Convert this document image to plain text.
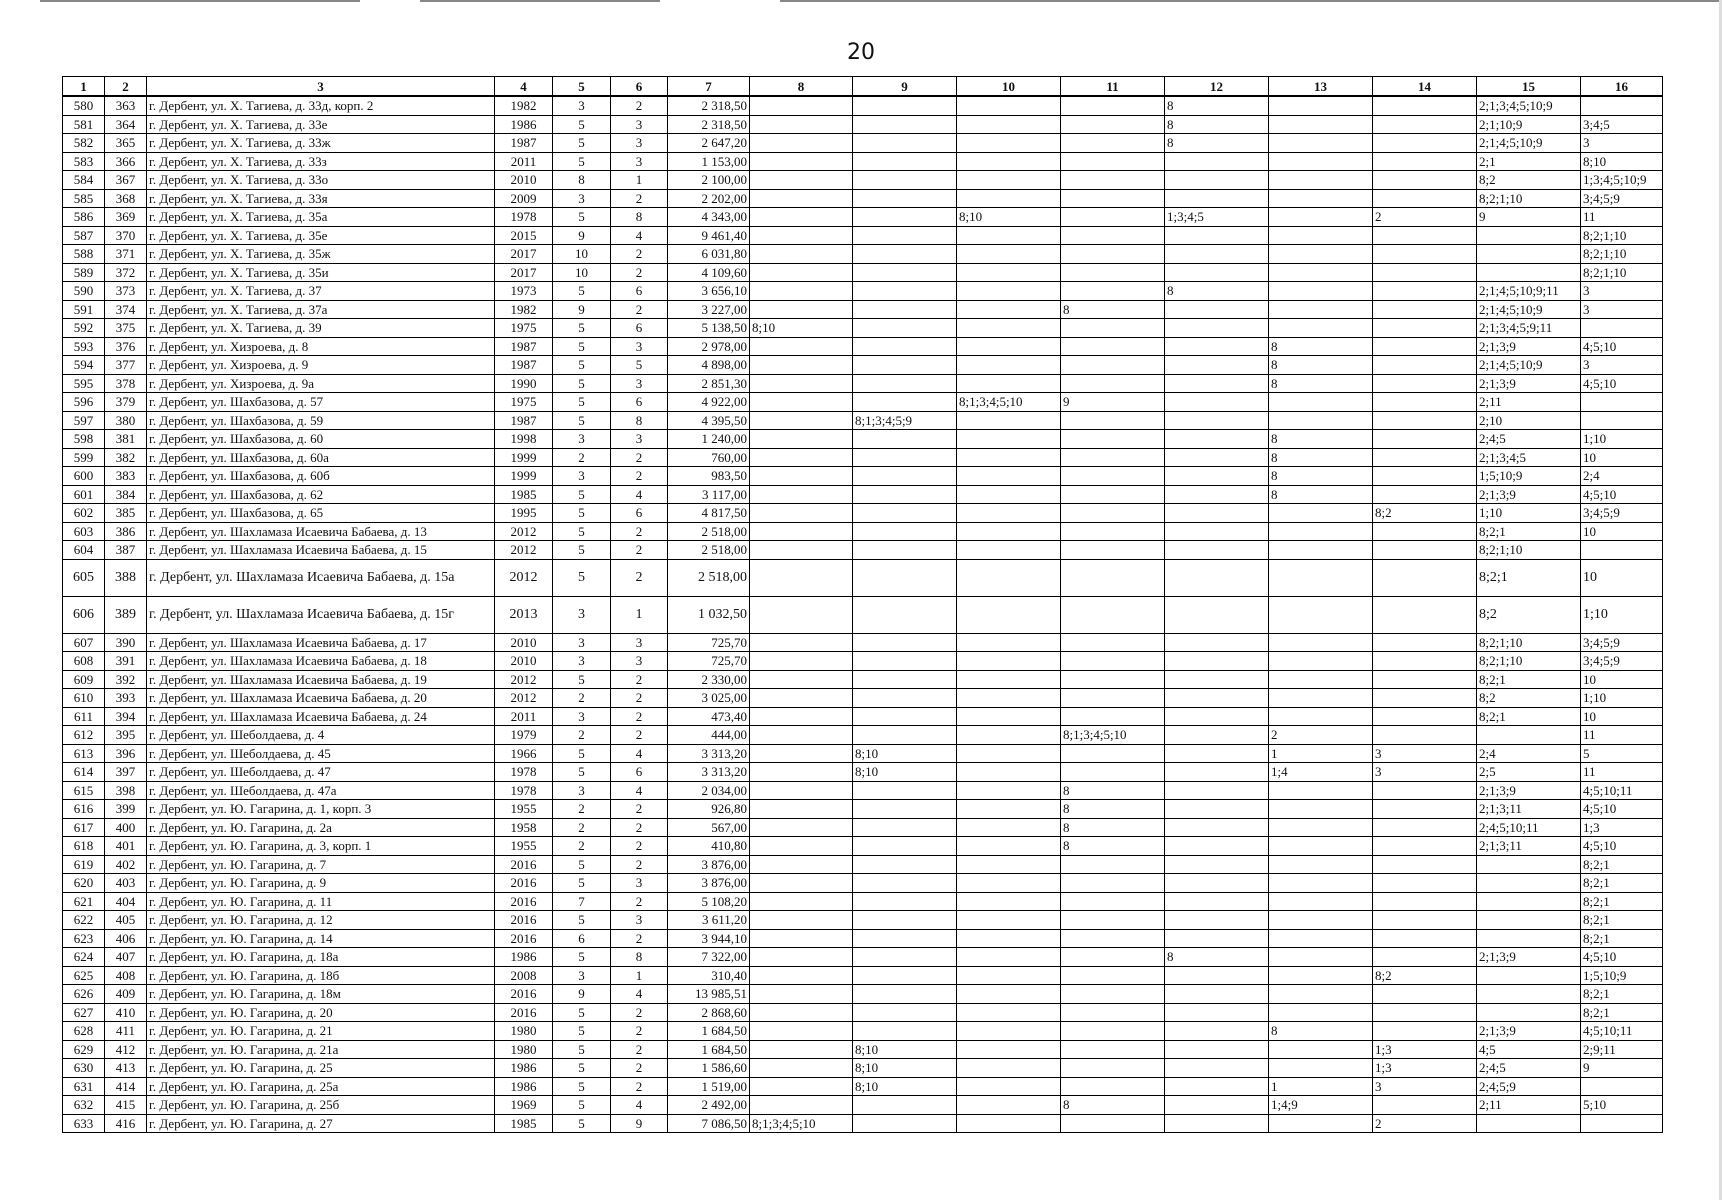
20
1	2	3	4	5	6	7	8	9	10	11	12	13	14	15	16
580	363	г. Дербент, ул. Х. Тагиева, д. 33д, корп. 2	1982	3	2	2 318,50					8			2;1;3;4;5;10;9	
581	364	г. Дербент, ул. Х. Тагиева, д. 33е	1986	5	3	2 318,50					8			2;1;10;9	3;4;5
582	365	г. Дербент, ул. Х. Тагиева, д. 33ж	1987	5	3	2 647,20					8			2;1;4;5;10;9	3
583	366	г. Дербент, ул. Х. Тагиева, д. 33з	2011	5	3	1 153,00								2;1	8;10
584	367	г. Дербент, ул. Х. Тагиева, д. 33о	2010	8	1	2 100,00								8;2	1;3;4;5;10;9
585	368	г. Дербент, ул. Х. Тагиева, д. 33я	2009	3	2	2 202,00								8;2;1;10	3;4;5;9
586	369	г. Дербент, ул. Х. Тагиева, д. 35а	1978	5	8	4 343,00			8;10		1;3;4;5		2	9	11
587	370	г. Дербент, ул. Х. Тагиева, д. 35е	2015	9	4	9 461,40									8;2;1;10
588	371	г. Дербент, ул. Х. Тагиева, д. 35ж	2017	10	2	6 031,80									8;2;1;10
589	372	г. Дербент, ул. Х. Тагиева, д. 35и	2017	10	2	4 109,60									8;2;1;10
590	373	г. Дербент, ул. Х. Тагиева, д. 37	1973	5	6	3 656,10					8			2;1;4;5;10;9;11	3
591	374	г. Дербент, ул. Х. Тагиева, д. 37а	1982	9	2	3 227,00				8				2;1;4;5;10;9	3
592	375	г. Дербент, ул. Х. Тагиева, д. 39	1975	5	6	5 138,50	8;10							2;1;3;4;5;9;11	
593	376	г. Дербент, ул. Хизроева, д. 8	1987	5	3	2 978,00						8		2;1;3;9	4;5;10
594	377	г. Дербент, ул. Хизроева, д. 9	1987	5	5	4 898,00						8		2;1;4;5;10;9	3
595	378	г. Дербент, ул. Хизроева, д. 9а	1990	5	3	2 851,30						8		2;1;3;9	4;5;10
596	379	г. Дербент, ул. Шахбазова, д. 57	1975	5	6	4 922,00			8;1;3;4;5;10	9				2;11	
597	380	г. Дербент, ул. Шахбазова, д. 59	1987	5	8	4 395,50		8;1;3;4;5;9						2;10	
598	381	г. Дербент, ул. Шахбазова, д. 60	1998	3	3	1 240,00						8		2;4;5	1;10
599	382	г. Дербент, ул. Шахбазова, д. 60а	1999	2	2	760,00						8		2;1;3;4;5	10
600	383	г. Дербент, ул. Шахбазова, д. 60б	1999	3	2	983,50						8		1;5;10;9	2;4
601	384	г. Дербент, ул. Шахбазова, д. 62	1985	5	4	3 117,00						8		2;1;3;9	4;5;10
602	385	г. Дербент, ул. Шахбазова, д. 65	1995	5	6	4 817,50							8;2	1;10	3;4;5;9
603	386	г. Дербент, ул. Шахламаза Исаевича Бабаева, д. 13	2012	5	2	2 518,00								8;2;1	10
604	387	г. Дербент, ул. Шахламаза Исаевича Бабаева, д. 15	2012	5	2	2 518,00								8;2;1;10	
605	388	г. Дербент, ул. Шахламаза Исаевича Бабаева, д. 15а	2012	5	2	2 518,00								8;2;1	10
606	389	г. Дербент, ул. Шахламаза Исаевича Бабаева, д. 15г	2013	3	1	1 032,50								8;2	1;10
607	390	г. Дербент, ул. Шахламаза Исаевича Бабаева, д. 17	2010	3	3	725,70								8;2;1;10	3;4;5;9
608	391	г. Дербент, ул. Шахламаза Исаевича Бабаева, д. 18	2010	3	3	725,70								8;2;1;10	3;4;5;9
609	392	г. Дербент, ул. Шахламаза Исаевича Бабаева, д. 19	2012	5	2	2 330,00								8;2;1	10
610	393	г. Дербент, ул. Шахламаза Исаевича Бабаева, д. 20	2012	2	2	3 025,00								8;2	1;10
611	394	г. Дербент, ул. Шахламаза Исаевича Бабаева, д. 24	2011	3	2	473,40								8;2;1	10
612	395	г. Дербент, ул. Шеболдаева, д. 4	1979	2	2	444,00				8;1;3;4;5;10		2			11
613	396	г. Дербент, ул. Шеболдаева, д. 45	1966	5	4	3 313,20		8;10				1	3	2;4	5
614	397	г. Дербент, ул. Шеболдаева, д. 47	1978	5	6	3 313,20		8;10				1;4	3	2;5	11
615	398	г. Дербент, ул. Шеболдаева, д. 47а	1978	3	4	2 034,00				8				2;1;3;9	4;5;10;11
616	399	г. Дербент, ул. Ю. Гагарина, д. 1, корп. 3	1955	2	2	926,80				8				2;1;3;11	4;5;10
617	400	г. Дербент, ул. Ю. Гагарина, д. 2а	1958	2	2	567,00				8				2;4;5;10;11	1;3
618	401	г. Дербент, ул. Ю. Гагарина, д. 3, корп. 1	1955	2	2	410,80				8				2;1;3;11	4;5;10
619	402	г. Дербент, ул. Ю. Гагарина, д. 7	2016	5	2	3 876,00									8;2;1
620	403	г. Дербент, ул. Ю. Гагарина, д. 9	2016	5	3	3 876,00									8;2;1
621	404	г. Дербент, ул. Ю. Гагарина, д. 11	2016	7	2	5 108,20									8;2;1
622	405	г. Дербент, ул. Ю. Гагарина, д. 12	2016	5	3	3 611,20									8;2;1
623	406	г. Дербент, ул. Ю. Гагарина, д. 14	2016	6	2	3 944,10									8;2;1
624	407	г. Дербент, ул. Ю. Гагарина, д. 18а	1986	5	8	7 322,00					8			2;1;3;9	4;5;10
625	408	г. Дербент, ул. Ю. Гагарина, д. 18б	2008	3	1	310,40							8;2		1;5;10;9
626	409	г. Дербент, ул. Ю. Гагарина, д. 18м	2016	9	4	13 985,51									8;2;1
627	410	г. Дербент, ул. Ю. Гагарина, д. 20	2016	5	2	2 868,60									8;2;1
628	411	г. Дербент, ул. Ю. Гагарина, д. 21	1980	5	2	1 684,50						8		2;1;3;9	4;5;10;11
629	412	г. Дербент, ул. Ю. Гагарина, д. 21а	1980	5	2	1 684,50		8;10					1;3	4;5	2;9;11
630	413	г. Дербент, ул. Ю. Гагарина, д. 25	1986	5	2	1 586,60		8;10					1;3	2;4;5	9
631	414	г. Дербент, ул. Ю. Гагарина, д. 25а	1986	5	2	1 519,00		8;10				1	3	2;4;5;9	
632	415	г. Дербент, ул. Ю. Гагарина, д. 25б	1969	5	4	2 492,00				8		1;4;9		2;11	5;10
633	416	г. Дербент, ул. Ю. Гагарина, д. 27	1985	5	9	7 086,50	8;1;3;4;5;10						2		
